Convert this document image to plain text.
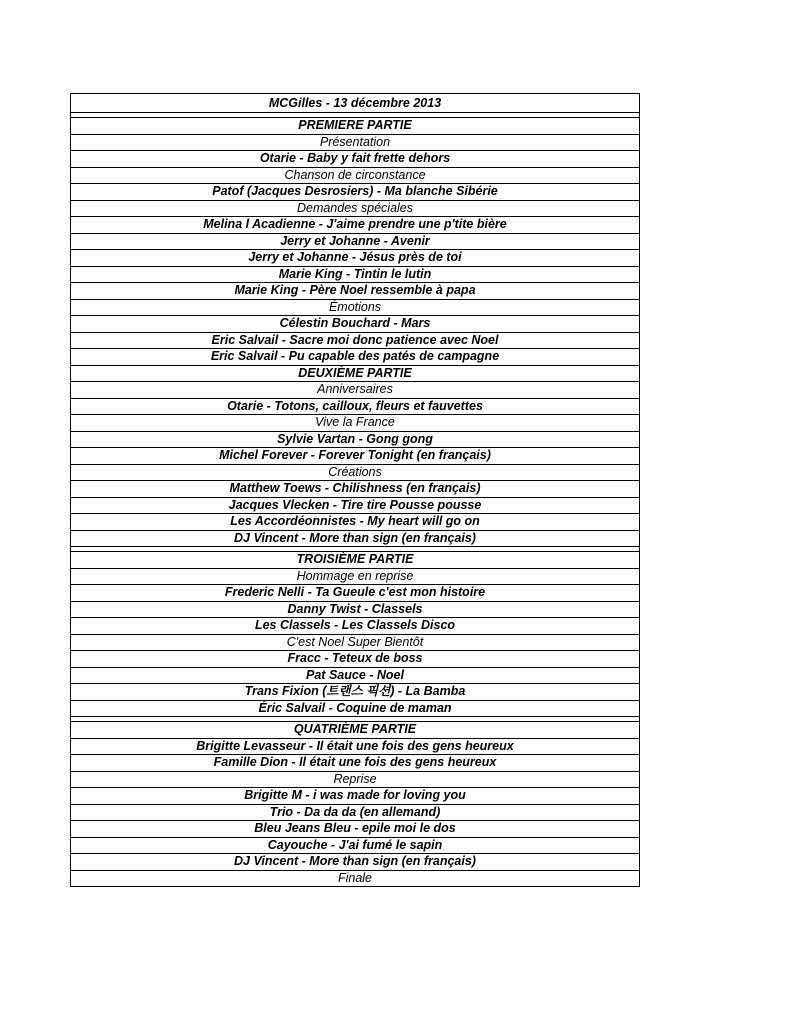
MCGilles - 13 décembre 2013

PREMIERE PARTIE
Présentation
Otarie - Baby y fait frette dehors
Chanson de circonstance
Patof (Jacques Desrosiers) - Ma blanche Sibérie
Demandes spéciales
Melina l Acadienne - J'aime prendre une p'tite bière
Jerry et Johanne - Avenir
Jerry et Johanne - Jésus près de toi
Marie King - Tintin le lutin
Marie King - Père Noel ressemble à papa
Émotions
Célestin Bouchard - Mars
Eric Salvail - Sacre moi donc patience avec Noel
Eric Salvail - Pu capable des patés de campagne
DEUXIÈME PARTIE
Anniversaires
Otarie - Totons, cailloux, fleurs et fauvettes
Vive la France
Sylvie Vartan - Gong gong
Michel Forever - Forever Tonight (en français)
Créations
Matthew Toews - Chilishness (en français)
Jacques Vlecken - Tire tire Pousse pousse
Les Accordéonnistes - My heart will go on
DJ Vincent - More than sign (en français)

TROISIÈME PARTIE
Hommage en reprise
Frederic Nelli - Ta Gueule c'est mon histoire
Danny Twist - Classels
Les Classels - Les Classels Disco
C'est Noel Super Bientôt
Fracc - Teteux de boss
Pat Sauce - Noel
Trans Fixion (트랜스 픽션) - La Bamba
Éric Salvail - Coquine de maman

QUATRIÈME PARTIE
Brigitte Levasseur - Il était une fois des gens heureux
Famille Dion - Il était une fois des gens heureux
Reprise
Brigitte M - i was made for loving you
Trio - Da da da (en allemand)
Bleu Jeans Bleu - epile moi le dos
Cayouche - J'ai fumé le sapin
DJ Vincent - More than sign (en français)
Finale
